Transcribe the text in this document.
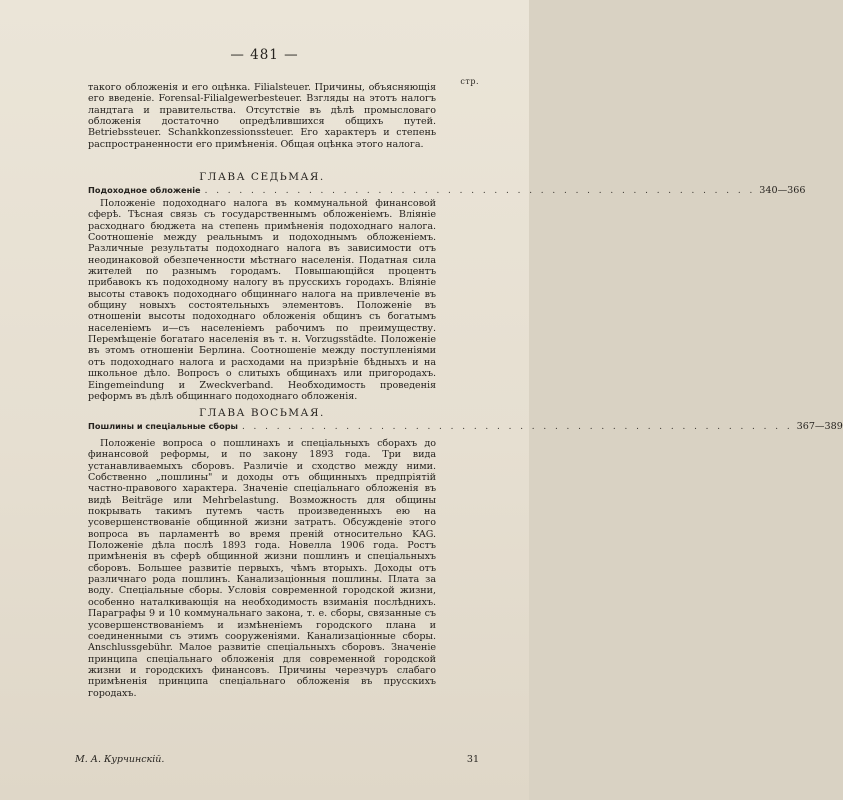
— 481 —
стр.

такого обложенія и его оцѣнка. Filialsteuer. Причины, объясняющія его введеніе. Forensal-Filialgewerbesteuer. Взгляды на этотъ налогъ ландтага и правительства. Отсутствіе въ дѣлѣ промысловаго обложенія достаточно опредѣлившихся общихъ путей. Betriebssteuer. Schankkonzessionssteuer. Его характеръ и степень распространенности его примѣненія. Общая оцѣнка этого налога.

ГЛАВА СЕДЬМАЯ.
Подоходное обложеніе . . . . . . . . . . . . . . . . . . . . . . . . . . . . . . . . . . . . . . . . . . . . . . . . 340—366

Положеніе подоходнаго налога въ коммунальной финансовой сферѣ. Тѣсная связь съ государственнымъ обложеніемъ. Вліяніе расходнаго бюджета на степень примѣненія подоходнаго налога. Соотношеніе между реальнымъ и подоходнымъ обложеніемъ. Различные результаты подоходнаго налога въ зависимости отъ неодинаковой обезпеченности мѣстнаго населенія. Податная сила жителей по разнымъ городамъ. Повышающійся процентъ прибавокъ къ подоходному налогу въ прусскихъ городахъ. Вліяніе высоты ставокъ подоходнаго общиннаго налога на привлеченіе въ общину новыхъ состоятельныхъ элементовъ. Положеніе въ отношеніи высоты подоходнаго обложенія общинъ съ богатымъ населеніемъ и—съ населеніемъ рабочимъ по преимуществу. Перемѣщеніе богатаго населенія въ т. н. Vorzugsstädte. Положеніе въ этомъ отношеніи Берлина. Соотношеніе между поступленіями отъ подоходнаго налога и расходами на призрѣніе бѣдныхъ и на школьное дѣло. Вопросъ о слитыхъ общинахъ или пригородахъ. Eingemeindung и Zweckverband. Необходимость проведенія реформъ въ дѣлѣ общиннаго подоходнаго обложенія.

ГЛАВА ВОСЬМАЯ.
Пошлины и спеціальные сборы . . . . . . . . . . . . . . . . . . . . . . . . . . . . . . . . . . . . . . . . . . . . . . . . 367—389

Положеніе вопроса о пошлинахъ и спеціальныхъ сборахъ до финансовой реформы, и по закону 1893 года. Три вида устанавливаемыхъ сборовъ. Различіе и сходство между ними. Собственно „пошлины" и доходы отъ общинныхъ предпріятій частно-правового характера. Значеніе спеціальнаго обложенія въ видѣ Beiträge или Mehrbelastung. Возможность для общины покрывать такимъ путемъ часть произведенныхъ ею на усовершенствованіе общинной жизни затратъ. Обсужденіе этого вопроса въ парламентѣ во время преній относительно KAG. Положеніе дѣла послѣ 1893 года. Новелла 1906 года. Ростъ примѣненія въ сферѣ общинной жизни пошлинъ и спеціальныхъ сборовъ. Большее развитіе первыхъ, чѣмъ вторыхъ. Доходы отъ различнаго рода пошлинъ. Канализаціонныя пошлины. Плата за воду. Спеціальные сборы. Условія современной городской жизни, особенно наталкивающія на необходимость взиманія послѣднихъ. Параграфы 9 и 10 коммунальнаго закона, т. е. сборы, связанные съ усовершенствованіемъ и измѣненіемъ городского плана и соединенными съ этимъ сооруженіями. Канализаціонные сборы. Anschlussgebühr. Малое развитіе спеціальныхъ сборовъ. Значеніе принципа спеціальнаго обложенія для современной городской жизни и городскихъ финансовъ. Причины черезчуръ слабаго примѣненія принципа спеціальнаго обложенія въ прусскихъ городахъ.

М. А. Курчинскій.	31
